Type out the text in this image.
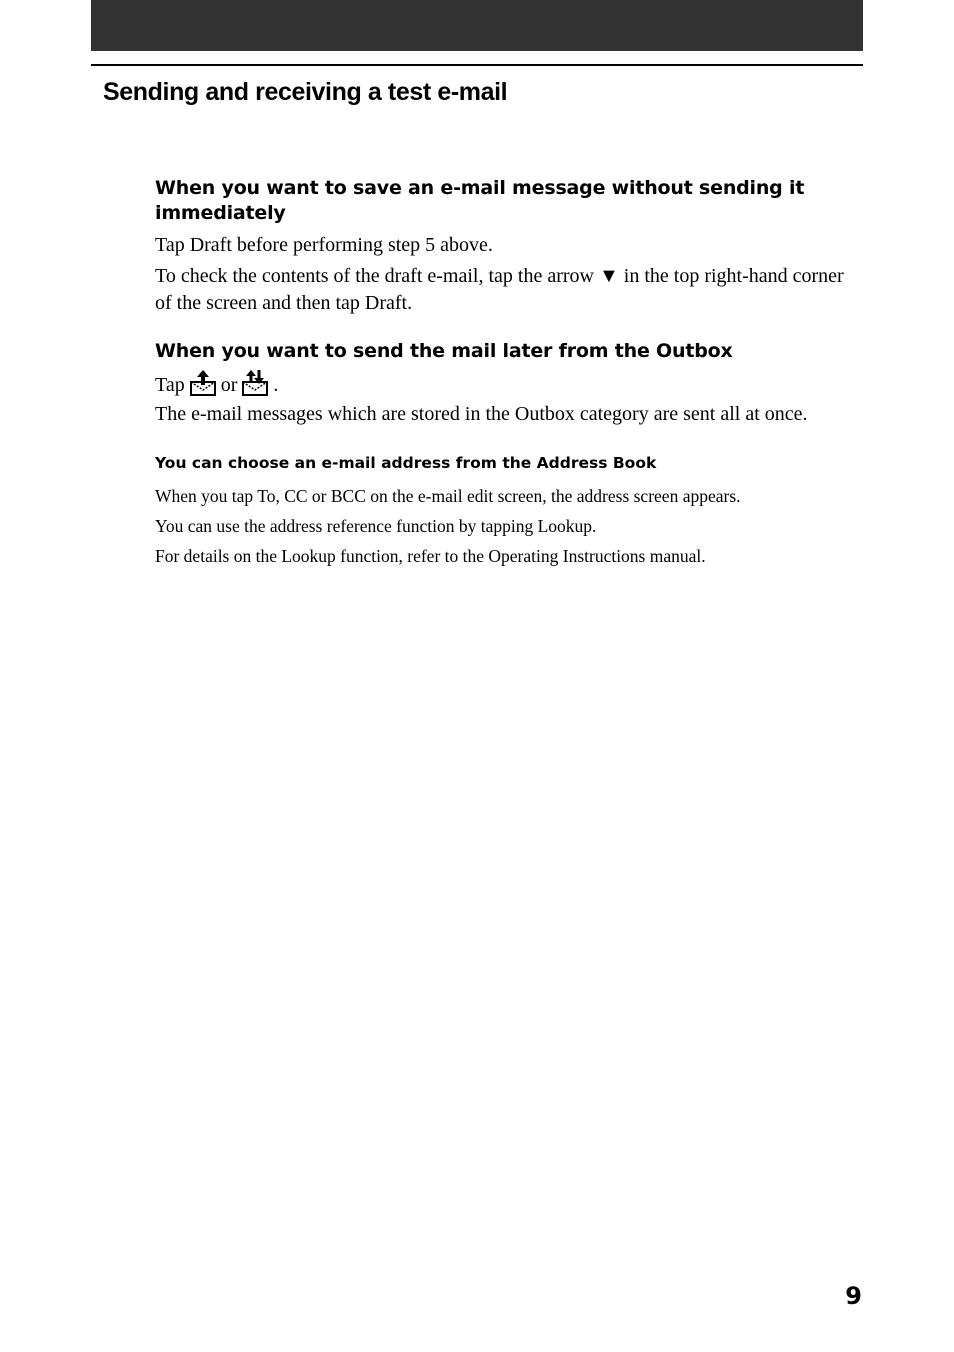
Sending and receiving a test e-mail
When you want to save an e-mail message without sending it immediately

Tap Draft before performing step 5 above.

To check the contents of the draft e-mail, tap the arrow ▼ in the top right-hand corner of the screen and then tap Draft.

When you want to send the mail later from the Outbox

Tap or .

The e-mail messages which are stored in the Outbox category are sent all at once.

You can choose an e-mail address from the Address Book

When you tap To, CC or BCC on the e-mail edit screen, the address screen appears.

You can use the address reference function by tapping Lookup.

For details on the Lookup function, refer to the Operating Instructions manual.

9
